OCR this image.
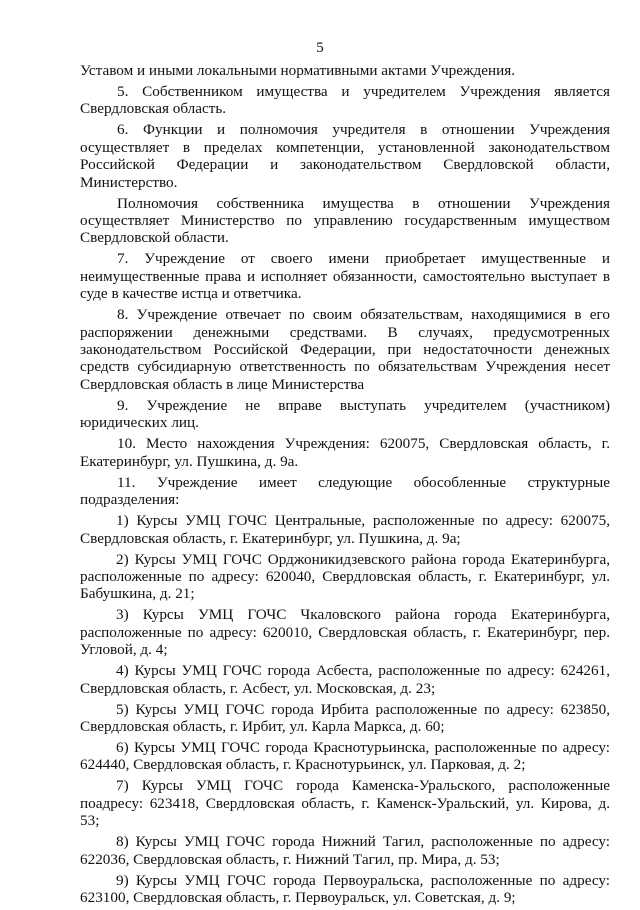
5

Уставом и иными локальными нормативными актами Учреждения.

5. Собственником имущества и учредителем Учреждения является Свердловская область.

6. Функции и полномочия учредителя в отношении Учреждения осуществляет в пределах компетенции, установленной законодательством Российской Федерации и законодательством Свердловской области, Министерство.

Полномочия собственника имущества в отношении Учреждения осуществляет Министерство по управлению государственным имуществом Свердловской области.

7. Учреждение от своего имени приобретает имущественные и неимущественные права и исполняет обязанности, самостоятельно выступает в суде в качестве истца и ответчика.

8. Учреждение отвечает по своим обязательствам, находящимися в его распоряжении денежными средствами. В случаях, предусмотренных законодательством Российской Федерации, при недостаточности денежных средств субсидиарную ответственность по обязательствам Учреждения несет Свердловская область в лице Министерства

9. Учреждение не вправе выступать учредителем (участником) юридических лиц.

10. Место нахождения Учреждения: 620075, Свердловская область, г. Екатеринбург, ул. Пушкина, д. 9а.

11. Учреждение имеет следующие обособленные структурные подразделения:

1) Курсы УМЦ ГОЧС Центральные, расположенные по адресу: 620075, Свердловская область, г. Екатеринбург, ул. Пушкина, д. 9а;

2) Курсы УМЦ ГОЧС Орджоникидзевского района города Екатеринбурга, расположенные по адресу: 620040, Свердловская область, г. Екатеринбург, ул. Бабушкина, д. 21;

3) Курсы УМЦ ГОЧС Чкаловского района города Екатеринбурга, расположенные по адресу: 620010, Свердловская область, г. Екатеринбург, пер. Угловой, д. 4;

4) Курсы УМЦ ГОЧС города Асбеста, расположенные по адресу: 624261, Свердловская область, г. Асбест, ул. Московская, д. 23;

5) Курсы УМЦ ГОЧС города Ирбита расположенные по адресу: 623850, Свердловская область, г. Ирбит, ул. Карла Маркса, д. 60;

6) Курсы УМЦ ГОЧС города Краснотурьинска, расположенные по адресу: 624440, Свердловская область, г. Краснотурьинск, ул. Парковая, д. 2;

7) Курсы УМЦ ГОЧС города Каменска-Уральского, расположенные поадресу: 623418, Свердловская область, г. Каменск-Уральский, ул. Кирова, д. 53;

8) Курсы УМЦ ГОЧС города Нижний Тагил, расположенные по адресу: 622036, Свердловская область, г. Нижний Тагил, пр. Мира, д. 53;

9) Курсы УМЦ ГОЧС города Первоуральска, расположенные по адресу: 623100, Свердловская область, г. Первоуральск, ул. Советская, д. 9;
